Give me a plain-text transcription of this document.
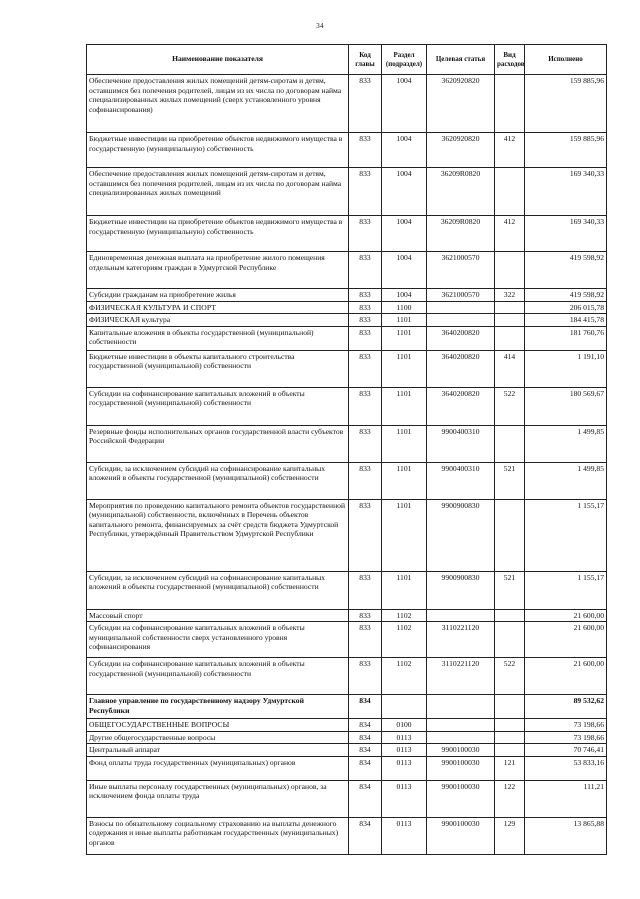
34
Наименование показателя	Код главы	Раздел (подраздел)	Целевая статья	Вид расходов	Исполнено
Обеспечение предоставления жилых помещений детям-сиротам и детям, оставшимся без попечения родителей, лицам из их числа по договорам найма специализированных жилых помещений (сверх установленного уровня софинансирования)	833	1004	3620920820		159 885,96
Бюджетные инвестиции на приобретение объектов недвижимого имущества в государственную (муниципальную) собственность	833	1004	3620920820	412	159 885,96
Обеспечение предоставления жилых помещений детям-сиротам и детям, оставшимся без попечения родителей, лицам из их числа по договорам найма специализированных жилых помещений	833	1004	36209R0820		169 340,33
Бюджетные инвестиции на приобретение объектов недвижимого имущества в государственную (муниципальную) собственность	833	1004	36209R0820	412	169 340,33
Единовременная денежная выплата на приобретение жилого помещения отдельным категориям граждан в Удмуртской Республике	833	1004	3621000570		419 598,92
Субсидии гражданам на приобретение жилья	833	1004	3621000570	322	419 598,92
ФИЗИЧЕСКАЯ КУЛЬТУРА И СПОРТ	833	1100			206 015,78
ФИЗИЧЕСКАЯ культура	833	1101			184 415,78
Капитальные вложения в объекты государственной (муниципальной) собственности	833	1101	3640200820		181 760,76
Бюджетные инвестиции в объекты капитального строительства государственной (муниципальной) собственности	833	1101	3640200820	414	1 191,10
Субсидии на софинансирование капитальных вложений в объекты государственной (муниципальной) собственности	833	1101	3640200820	522	180 569,67
Резервные фонды исполнительных органов государственной власти субъектов Российской Федерации	833	1101	9900400310		1 499,85
Субсидии, за исключением субсидий на софинансирование капитальных вложений в объекты государственной (муниципальной) собственности	833	1101	9900400310	521	1 499,85
Мероприятия по проведению капитального ремонта объектов государственной (муниципальной) собственности, включённых в Перечень объектов капитального ремонта, финансируемых за счёт средств бюджета Удмуртской Республики, утверждённый Правительством Удмуртской Республики	833	1101	9900900830		1 155,17
Субсидии, за исключением субсидий на софинансирование капитальных вложений в объекты государственной (муниципальной) собственности	833	1101	9900900830	521	1 155,17
Массовый спорт	833	1102			21 600,00
Субсидии на софинансирование капитальных вложений в объекты муниципальной собственности сверх установленного уровня софинансирования	833	1102	3110221120		21 600,00
Субсидии на софинансирование капитальных вложений в объекты государственной (муниципальной) собственности	833	1102	3110221120	522	21 600,00
Главное управление по государственному надзору Удмуртской Республики	834				89 532,62
ОБЩЕГОСУДАРСТВЕННЫЕ ВОПРОСЫ	834	0100			73 198,66
Другие общегосударственные вопросы	834	0113			73 198,66
Центральный аппарат	834	0113	9900100030		70 746,41
Фонд оплаты труда государственных (муниципальных) органов	834	0113	9900100030	121	53 833,16
Иные выплаты персоналу государственных (муниципальных) органов, за исключением фонда оплаты труда	834	0113	9900100030	122	111,21
Взносы по обязательному социальному страхованию на выплаты денежного содержания и иные выплаты работникам государственных (муниципальных) органов	834	0113	9900100030	129	13 865,88
